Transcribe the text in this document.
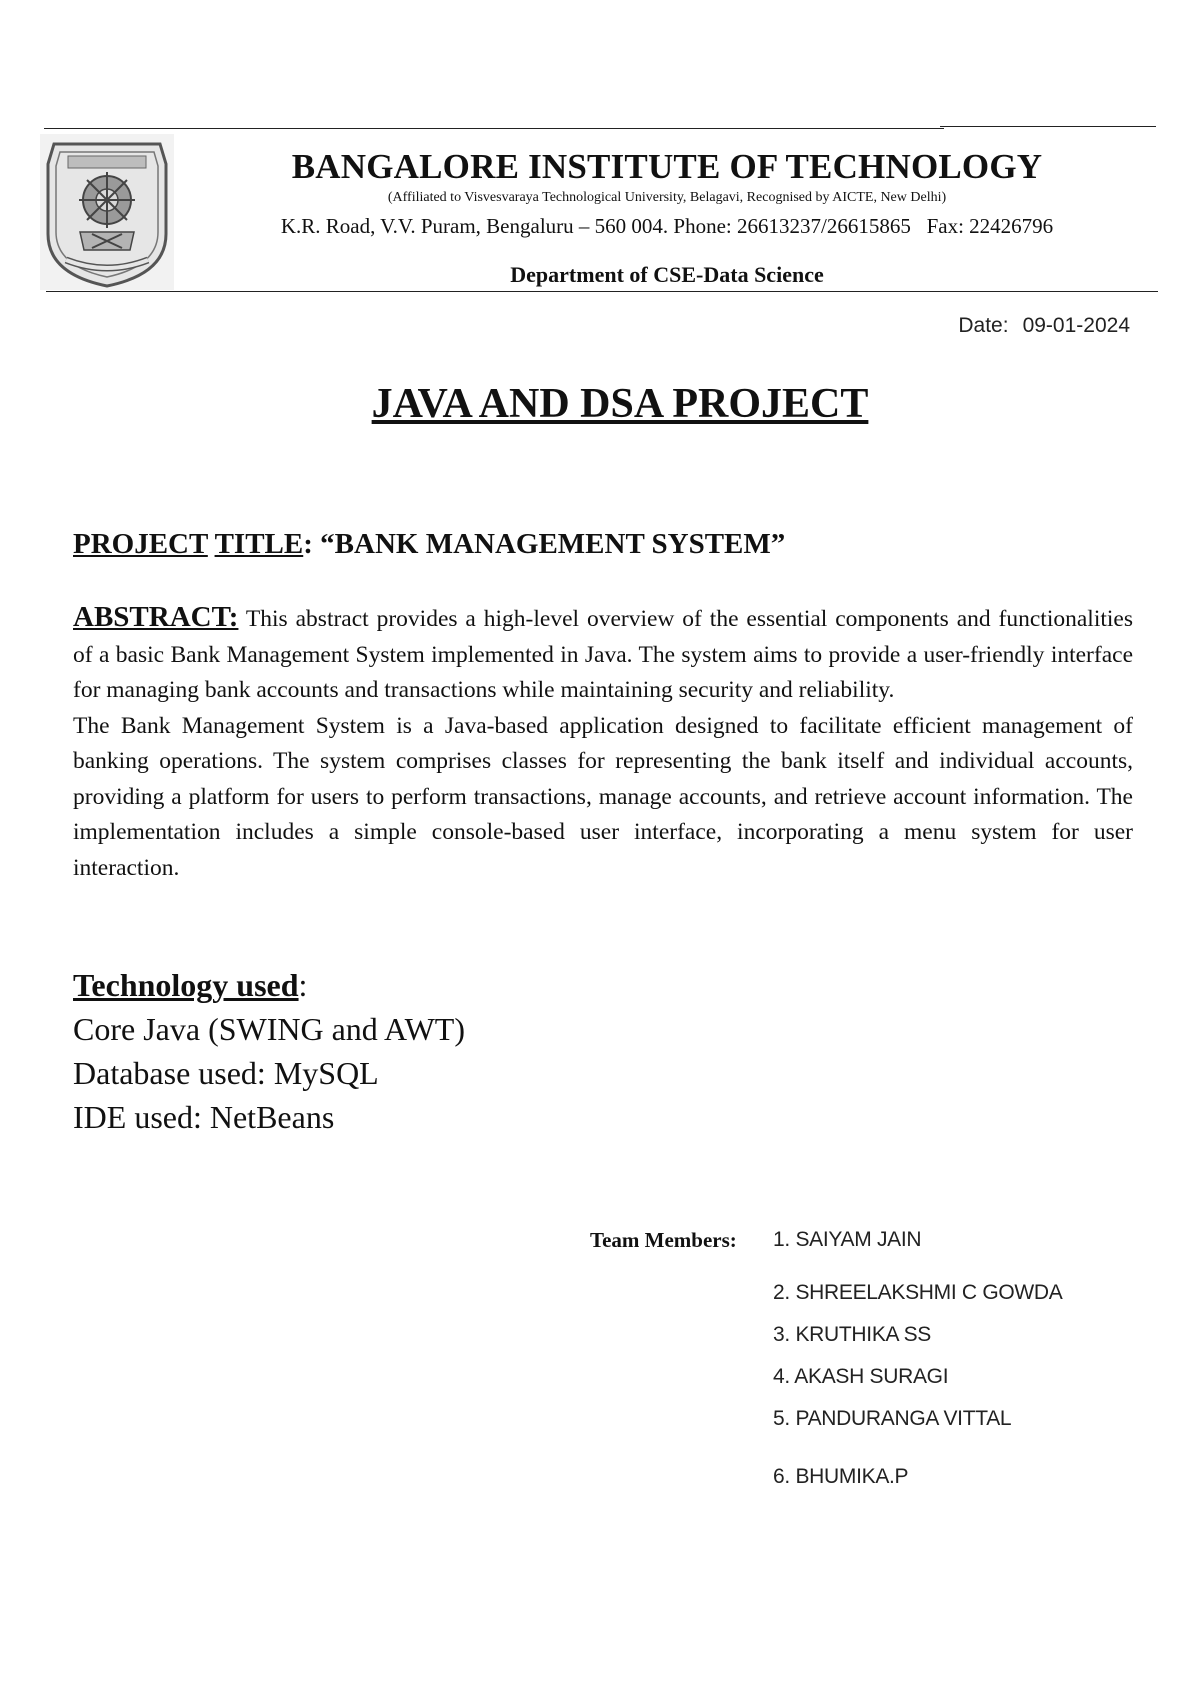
BANGALORE INSTITUTE OF TECHNOLOGY
(Affiliated to Visvesvaraya Technological University, Belagavi, Recognised by AICTE, New Delhi)
K.R. Road, V.V. Puram, Bengaluru – 560 004. Phone: 26613237/26615865   Fax: 22426796
Department of CSE-Data Science
Date: 09-01-2024
JAVA AND DSA PROJECT
PROJECT TITLE: “BANK MANAGEMENT SYSTEM”

ABSTRACT: This abstract provides a high-level overview of the essential components and functionalities of a basic Bank Management System implemented in Java. The system aims to provide a user-friendly interface for managing bank accounts and transactions while maintaining security and reliability.

The Bank Management System is a Java-based application designed to facilitate efficient management of banking operations. The system comprises classes for representing the bank itself and individual accounts, providing a platform for users to perform transactions, manage accounts, and retrieve account information. The implementation includes a simple console-based user interface, incorporating a menu system for user interaction.

Technology used:
Core Java (SWING and AWT)
Database used: MySQL
IDE used: NetBeans
Team Members: 1. SAIYAM JAIN
2. SHREELAKSHMI C GOWDA
3. KRUTHIKA SS
4. AKASH SURAGI
5. PANDURANGA VITTAL
6. BHUMIKA.P
